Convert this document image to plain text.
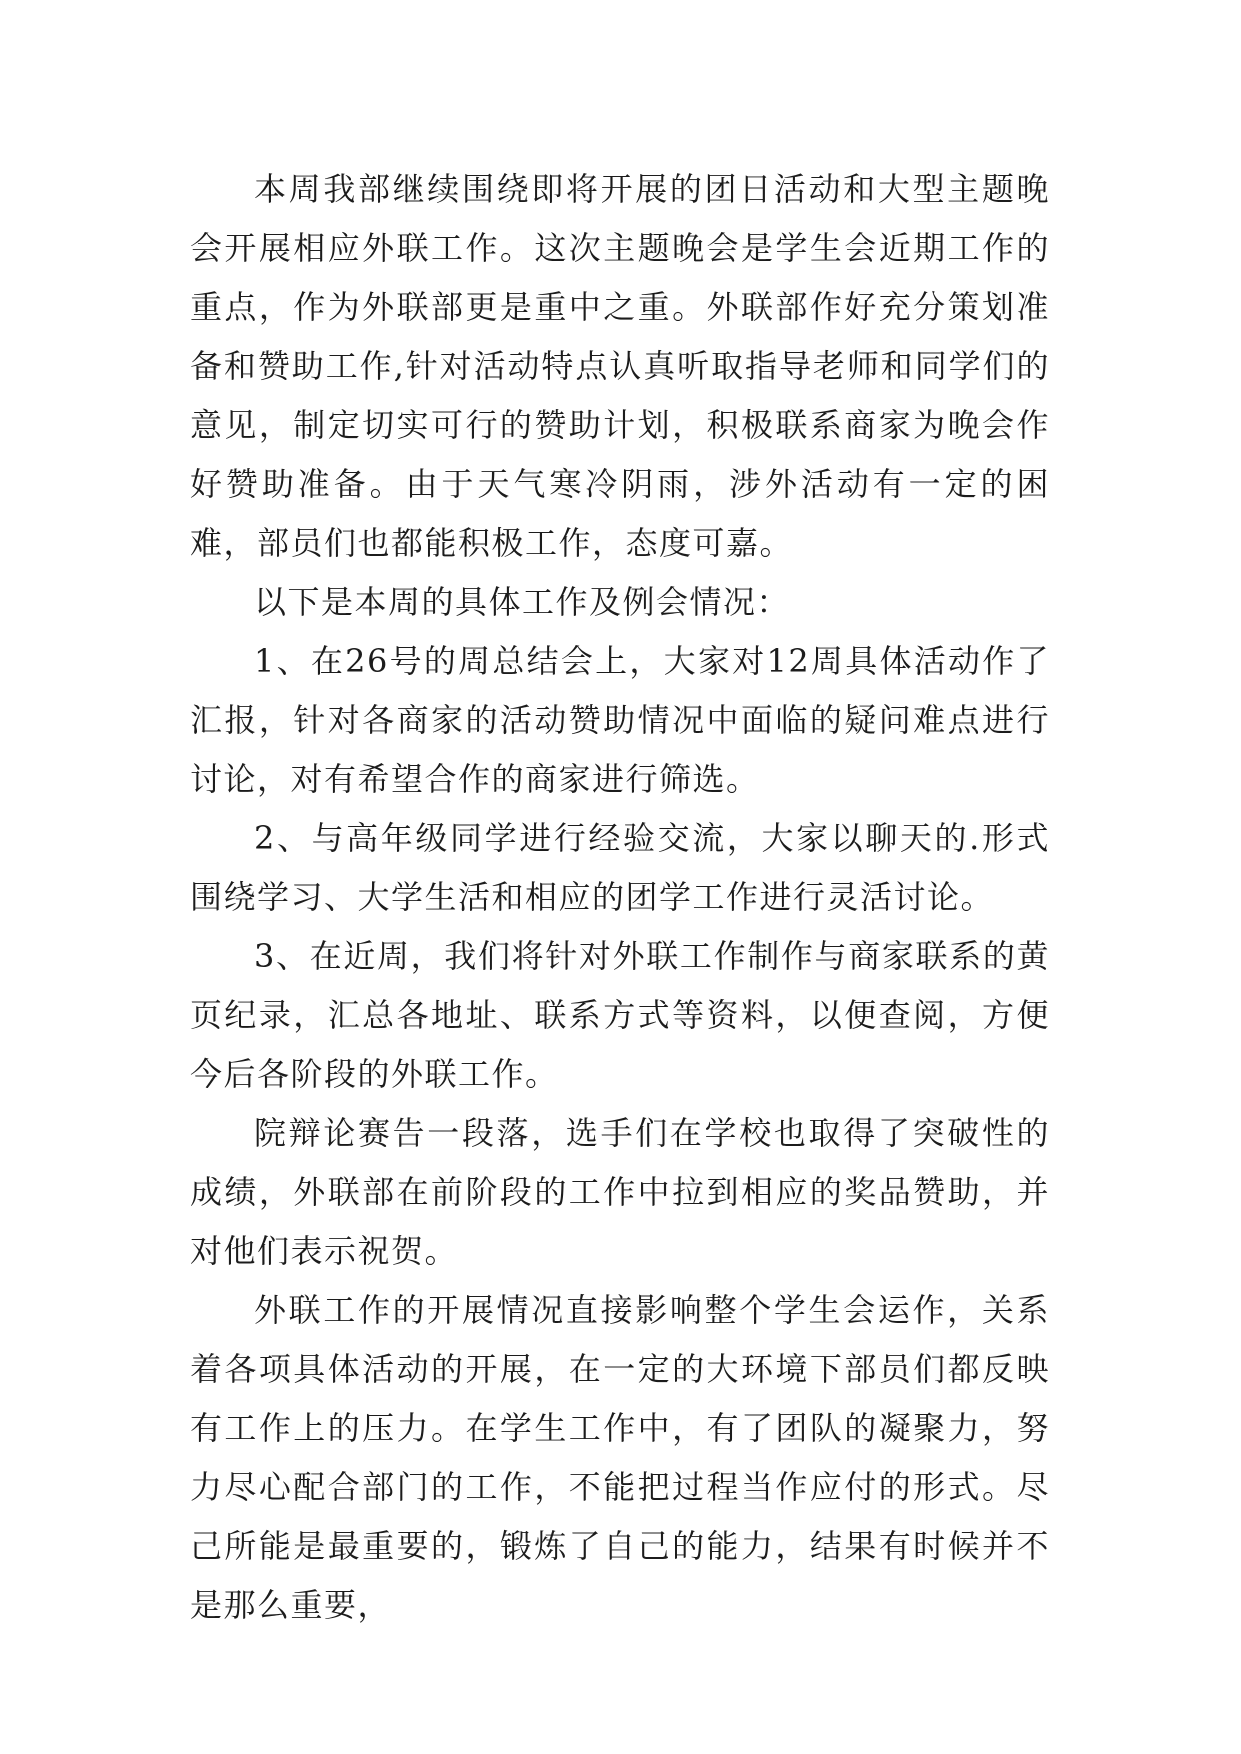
本周我部继续围绕即将开展的团日活动和大型主题晚会开展相应外联工作。这次主题晚会是学生会近期工作的重点，作为外联部更是重中之重。外联部作好充分策划准备和赞助工作,针对活动特点认真听取指导老师和同学们的意见，制定切实可行的赞助计划，积极联系商家为晚会作好赞助准备。由于天气寒冷阴雨，涉外活动有一定的困难，部员们也都能积极工作，态度可嘉。

以下是本周的具体工作及例会情况：

1、在26号的周总结会上，大家对12周具体活动作了汇报，针对各商家的活动赞助情况中面临的疑问难点进行讨论，对有希望合作的商家进行筛选。

2、与高年级同学进行经验交流，大家以聊天的.形式围绕学习、大学生活和相应的团学工作进行灵活讨论。

3、在近周，我们将针对外联工作制作与商家联系的黄页纪录，汇总各地址、联系方式等资料，以便查阅，方便今后各阶段的外联工作。

院辩论赛告一段落，选手们在学校也取得了突破性的成绩，外联部在前阶段的工作中拉到相应的奖品赞助，并对他们表示祝贺。

外联工作的开展情况直接影响整个学生会运作，关系着各项具体活动的开展，在一定的大环境下部员们都反映有工作上的压力。在学生工作中，有了团队的凝聚力，努力尽心配合部门的工作，不能把过程当作应付的形式。尽己所能是最重要的，锻炼了自己的能力，结果有时候并不是那么重要，
